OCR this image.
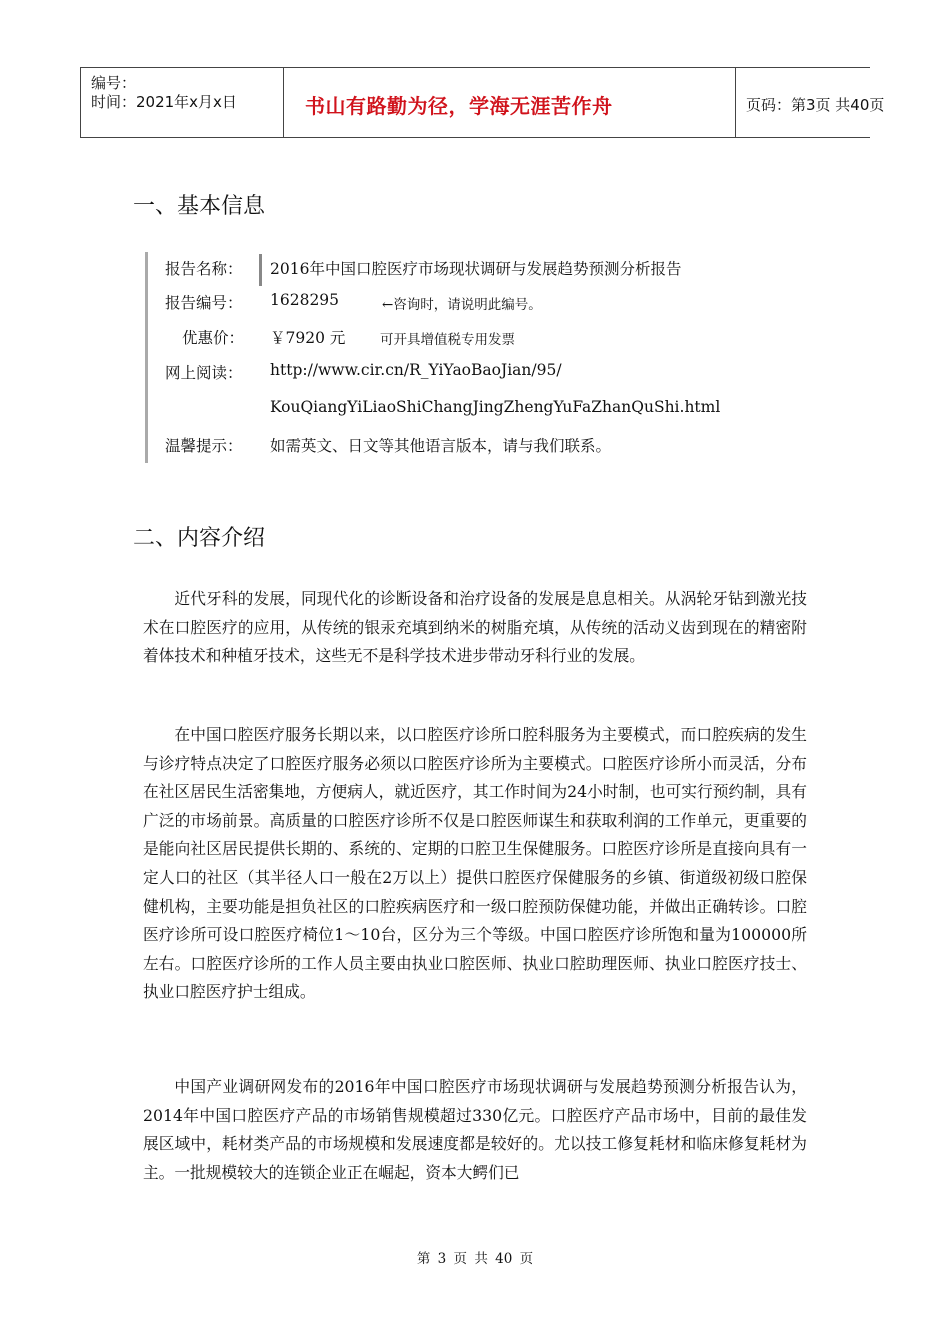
编号：
时间：2021年x月x日	书山有路勤为径，学海无涯苦作舟	页码：第3页 共40页
一、基本信息
报告名称： 2016年中国口腔医疗市场现状调研与发展趋势预测分析报告
报告编号： 1628295	←咨询时，请说明此编号。
优惠价： ￥7920 元	可开具增值税专用发票
网上阅读： http://www.cir.cn/R_YiYaoBaoJian/95/
KouQiangYiLiaoShiChangJingZhengYuFaZhanQuShi.html
温馨提示： 如需英文、日文等其他语言版本，请与我们联系。
二、内容介绍

近代牙科的发展，同现代化的诊断设备和治疗设备的发展是息息相关。从涡轮牙钻到激光技术在口腔医疗的应用，从传统的银汞充填到纳米的树脂充填，从传统的活动义齿到现在的精密附着体技术和种植牙技术，这些无不是科学技术进步带动牙科行业的发展。

在中国口腔医疗服务长期以来，以口腔医疗诊所口腔科服务为主要模式，而口腔疾病的发生与诊疗特点决定了口腔医疗服务必须以口腔医疗诊所为主要模式。口腔医疗诊所小而灵活，分布在社区居民生活密集地，方便病人，就近医疗，其工作时间为24小时制，也可实行预约制，具有广泛的市场前景。高质量的口腔医疗诊所不仅是口腔医师谋生和获取利润的工作单元，更重要的是能向社区居民提供长期的、系统的、定期的口腔卫生保健服务。口腔医疗诊所是直接向具有一定人口的社区（其半径人口一般在2万以上）提供口腔医疗保健服务的乡镇、街道级初级口腔保健机构，主要功能是担负社区的口腔疾病医疗和一级口腔预防保健功能，并做出正确转诊。口腔医疗诊所可设口腔医疗椅位1～10台，区分为三个等级。中国口腔医疗诊所饱和量为100000所左右。口腔医疗诊所的工作人员主要由执业口腔医师、执业口腔助理医师、执业口腔医疗技士、执业口腔医疗护士组成。

中国产业调研网发布的2016年中国口腔医疗市场现状调研与发展趋势预测分析报告认为，2014年中国口腔医疗产品的市场销售规模超过330亿元。口腔医疗产品市场中，目前的最佳发展区域中，耗材类产品的市场规模和发展速度都是较好的。尤以技工修复耗材和临床修复耗材为主。一批规模较大的连锁企业正在崛起，资本大鳄们已

第 3 页 共 40 页
